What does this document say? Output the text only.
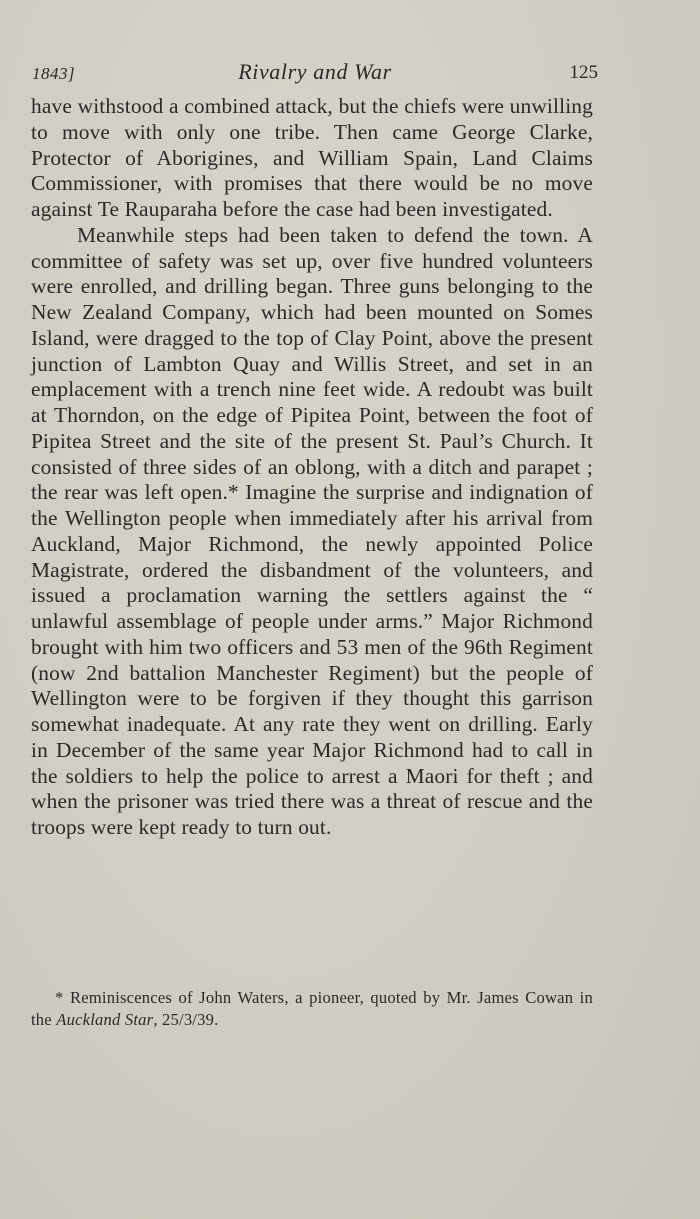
1843]	Rivalry and War	125

have withstood a combined attack, but the chiefs were unwilling to move with only one tribe. Then came George Clarke, Protector of Aborigines, and William Spain, Land Claims Commissioner, with promises that there would be no move against Te Rauparaha before the case had been investigated.

Meanwhile steps had been taken to defend the town. A committee of safety was set up, over five hundred volunteers were enrolled, and drilling began. Three guns belonging to the New Zealand Company, which had been mounted on Somes Island, were dragged to the top of Clay Point, above the present junction of Lambton Quay and Willis Street, and set in an emplacement with a trench nine feet wide. A redoubt was built at Thorndon, on the edge of Pipitea Point, between the foot of Pipitea Street and the site of the present St. Paul’s Church. It consisted of three sides of an oblong, with a ditch and parapet ; the rear was left open.* Imagine the surprise and indignation of the Wellington people when immediately after his arrival from Auckland, Major Richmond, the newly appointed Police Magistrate, ordered the disbandment of the volunteers, and issued a proclamation warning the settlers against the “ unlawful assemblage of people under arms.” Major Richmond brought with him two officers and 53 men of the 96th Regiment (now 2nd battalion Manchester Regiment) but the people of Wellington were to be forgiven if they thought this garrison somewhat inadequate. At any rate they went on drilling. Early in December of the same year Major Richmond had to call in the soldiers to help the police to arrest a Maori for theft ; and when the prisoner was tried there was a threat of rescue and the troops were kept ready to turn out.

* Reminiscences of John Waters, a pioneer, quoted by Mr. James Cowan in the Auckland Star, 25/3/39.
